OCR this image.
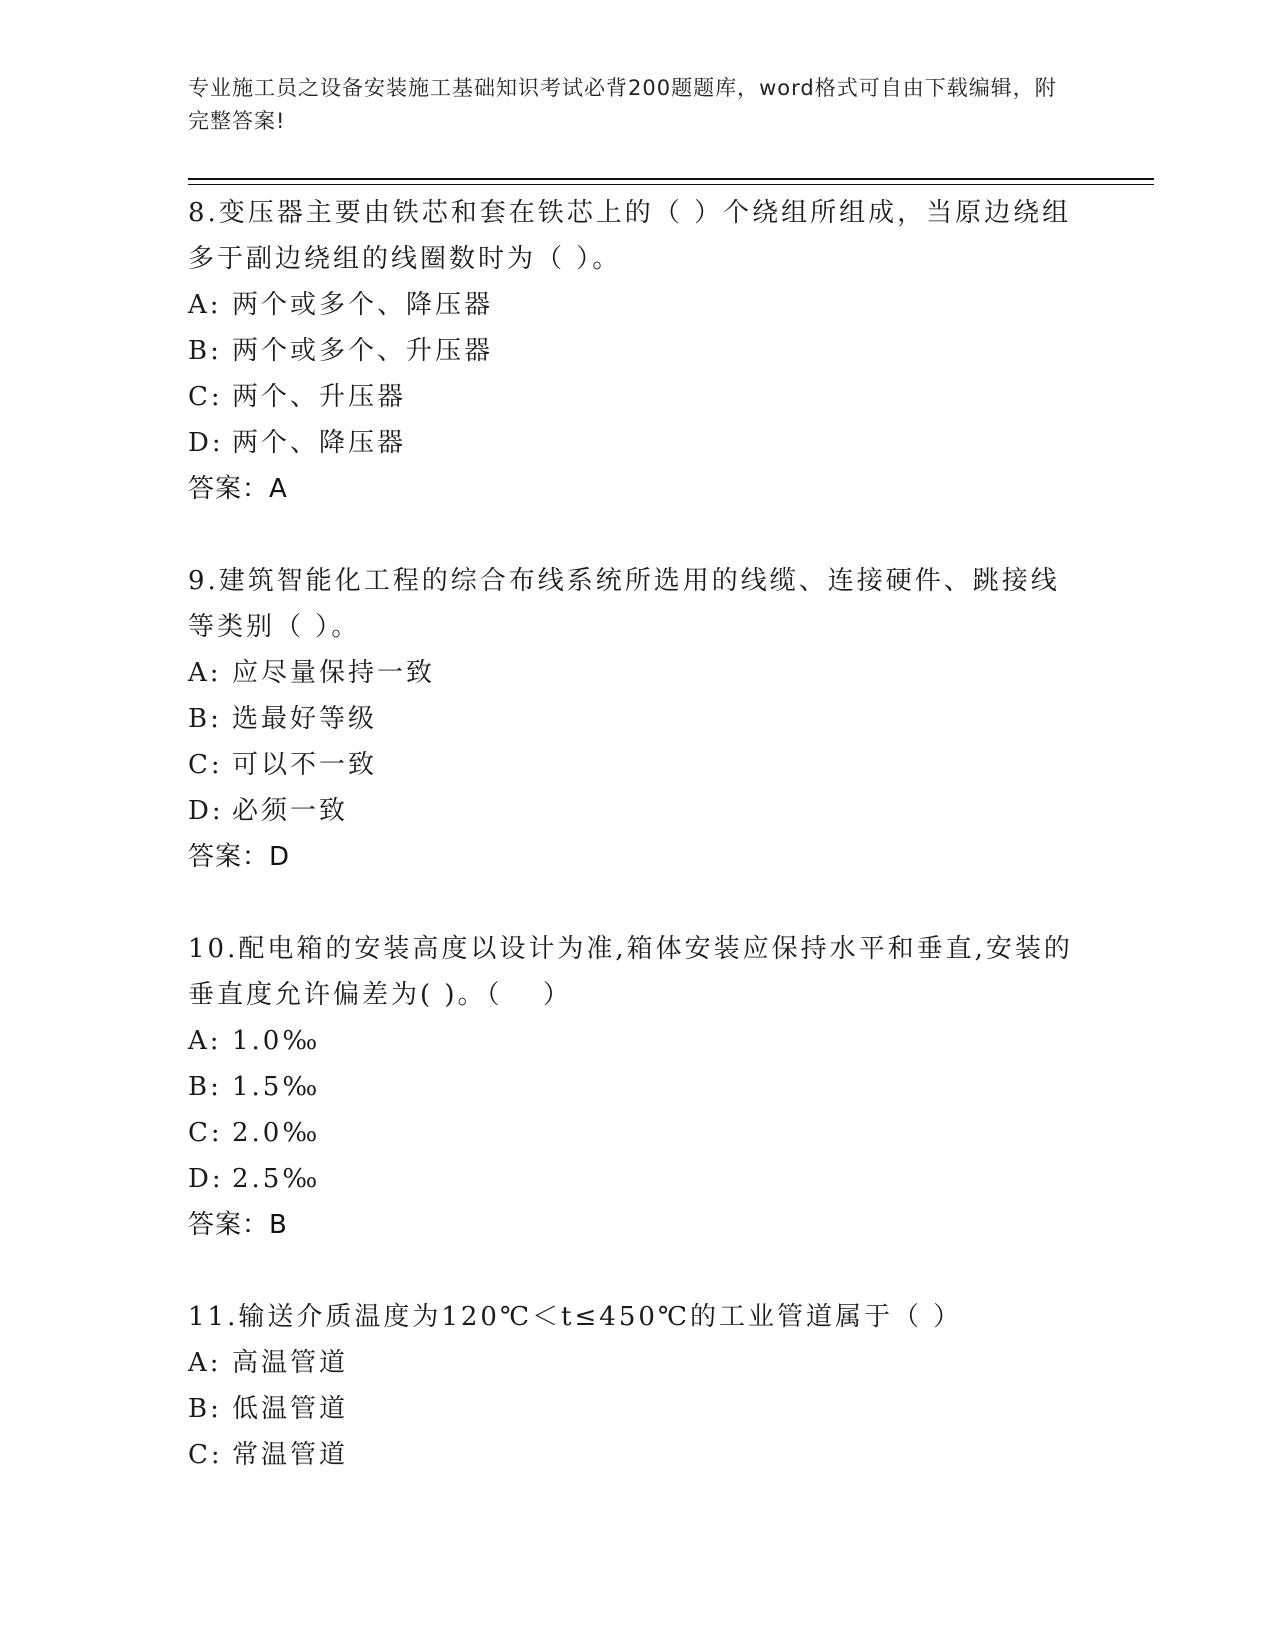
专业施工员之设备安装施工基础知识考试必背200题题库，word格式可自由下载编辑，附完整答案!
8.变压器主要由铁芯和套在铁芯上的（ ）个绕组所组成，当原边绕组多于副边绕组的线圈数时为（ ）。
A: 两个或多个、降压器
B: 两个或多个、升压器
C: 两个、升压器
D: 两个、降压器
答案：A
9.建筑智能化工程的综合布线系统所选用的线缆、连接硬件、跳接线等类别（ ）。
A: 应尽量保持一致
B: 选最好等级
C: 可以不一致
D: 必须一致
答案：D
10.配电箱的安装高度以设计为准,箱体安装应保持水平和垂直,安装的垂直度允许偏差为( )。（　 ）
A: 1.0‰
B: 1.5‰
C: 2.0‰
D: 2.5‰
答案：B
11.输送介质温度为120℃＜t≤450℃的工业管道属于（ ）
A: 高温管道
B: 低温管道
C: 常温管道
